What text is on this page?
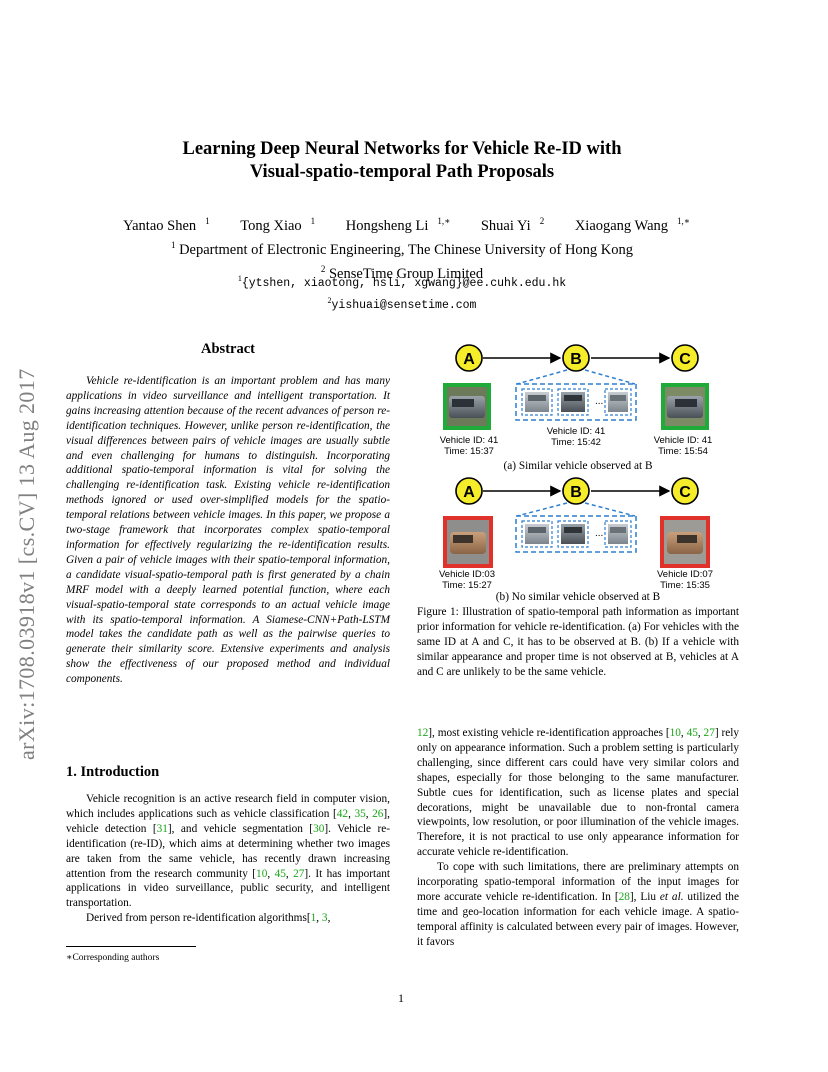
arXiv:1708.03918v1 [cs.CV] 13 Aug 2017
Learning Deep Neural Networks for Vehicle Re-ID with
Visual-spatio-temporal Path Proposals
Yantao Shen $^1$ Tong Xiao $^1$ Hongsheng Li $^{1,∗}$ Shuai Yi $^2$ Xiaogang Wang $^{1,∗}$
$^1$ Department of Electronic Engineering, The Chinese University of Hong Kong
$^2$ SenseTime Group Limited
$^1${ytshen, xiaotong, hsli, xgwang}@ee.cuhk.edu.hk
$^2$yishuai@sensetime.com
Abstract
Vehicle re-identification is an important problem and has many applications in video surveillance and intelligent transportation. It gains increasing attention because of the recent advances of person re-identification techniques. However, unlike person re-identification, the visual differences between pairs of vehicle images are usually subtle and even challenging for humans to distinguish. Incorporating additional spatio-temporal information is vital for solving the challenging re-identification task. Existing vehicle re-identification methods ignored or used over-simplified models for the spatio-temporal relations between vehicle images. In this paper, we propose a two-stage framework that incorporates complex spatio-temporal information for effectively regularizing the re-identification results. Given a pair of vehicle images with their spatio-temporal information, a candidate visual-spatio-temporal path is first generated by a chain MRF model with a deeply learned potential function, where each visual-spatio-temporal state corresponds to an actual vehicle image with its spatio-temporal information. A Siamese-CNN+Path-LSTM model takes the candidate path as well as the pairwise queries to generate their similarity score. Extensive experiments and analysis show the effectiveness of our proposed method and individual components.
1. Introduction

Vehicle recognition is an active research field in computer vision, which includes applications such as vehicle classification [42, 35, 26], vehicle detection [31], and vehicle segmentation [30]. Vehicle re-identification (re-ID), which aims at determining whether two images are taken from the same vehicle, has recently drawn increasing attention from the research community [10, 45, 27]. It has important applications in video surveillance, public security, and intelligent transportation.

Derived from person re-identification algorithms[1, 3,

∗Corresponding authors
A	B	C
...
Vehicle ID: 41
Time: 15:37
Vehicle ID: 41
Time: 15:42	Vehicle ID: 41
Time: 15:54
A	B	C
...
Vehicle ID:03
Time: 15:27
Vehicle ID:07
Time: 15:35
(a) Similar vehicle observed at B
(b) No similar vehicle observed at B
Figure 1: Illustration of spatio-temporal path information as important prior information for vehicle re-identification. (a) For vehicles with the same ID at A and C, it has to be observed at B. (b) If a vehicle with similar appearance and proper time is not observed at B, vehicles at A and C are unlikely to be the same vehicle.

12], most existing vehicle re-identification approaches [10, 45, 27] rely only on appearance information. Such a problem setting is particularly challenging, since different cars could have very similar colors and shapes, especially for those belonging to the same manufacturer. Subtle cues for identification, such as license plates and special decorations, might be unavailable due to non-frontal camera viewpoints, low resolution, or poor illumination of the vehicle images. Therefore, it is not practical to use only appearance information for accurate vehicle re-identification.

To cope with such limitations, there are preliminary attempts on incorporating spatio-temporal information of the input images for more accurate vehicle re-identification. In [28], Liu et al. utilized the time and geo-location information for each vehicle image. A spatio-temporal affinity is calculated between every pair of images. However, it favors

1
